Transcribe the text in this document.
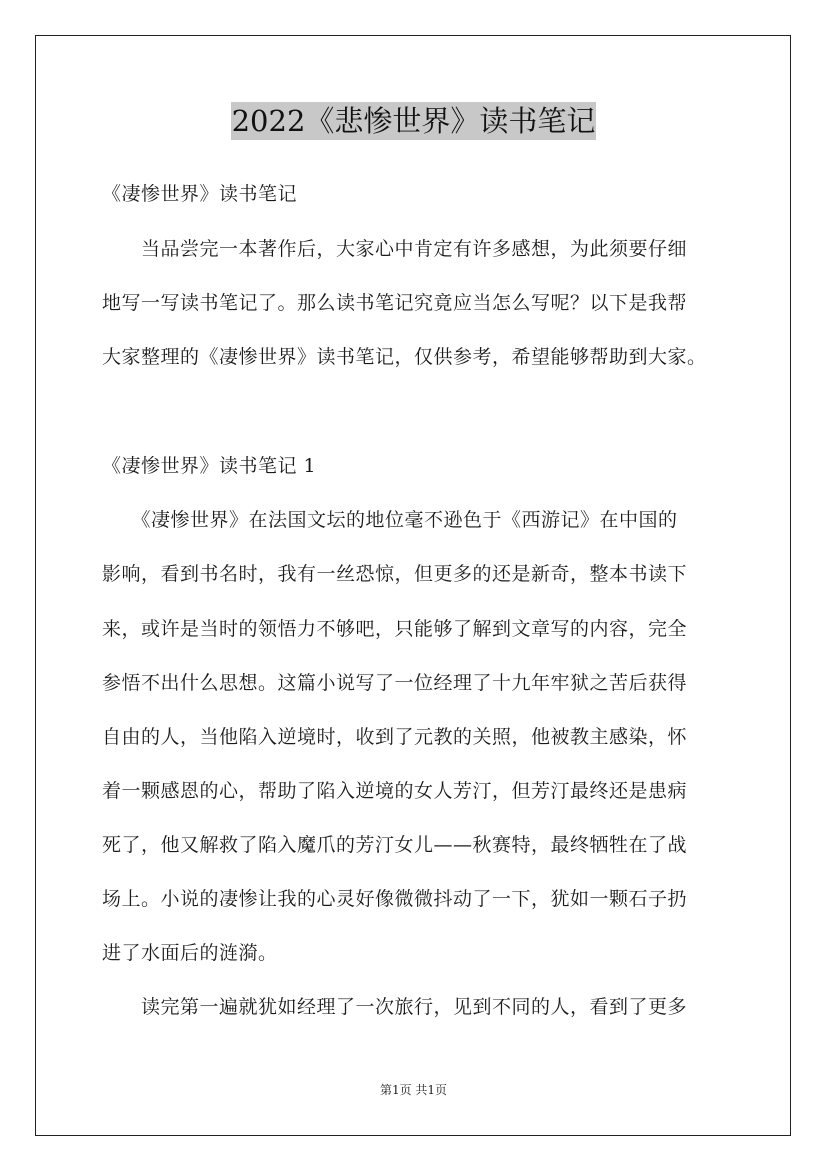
2022《悲惨世界》读书笔记
《凄惨世界》读书笔记
　　当品尝完一本著作后，大家心中肯定有许多感想，为此须要仔细
地写一写读书笔记了。那么读书笔记究竟应当怎么写呢？以下是我帮
大家整理的《凄惨世界》读书笔记，仅供参考，希望能够帮助到大家。
《凄惨世界》读书笔记 1
　　《凄惨世界》在法国文坛的地位毫不逊色于《西游记》在中国的
影响，看到书名时，我有一丝恐惊，但更多的还是新奇，整本书读下
来，或许是当时的领悟力不够吧，只能够了解到文章写的内容，完全
参悟不出什么思想。这篇小说写了一位经理了十九年牢狱之苦后获得
自由的人，当他陷入逆境时，收到了元教的关照，他被教主感染，怀
着一颗感恩的心，帮助了陷入逆境的女人芳汀，但芳汀最终还是患病
死了，他又解救了陷入魔爪的芳汀女儿——秋赛特，最终牺牲在了战
场上。小说的凄惨让我的心灵好像微微抖动了一下，犹如一颗石子扔
进了水面后的涟漪。
　　读完第一遍就犹如经理了一次旅行，见到不同的人，看到了更多
第1页 共1页
